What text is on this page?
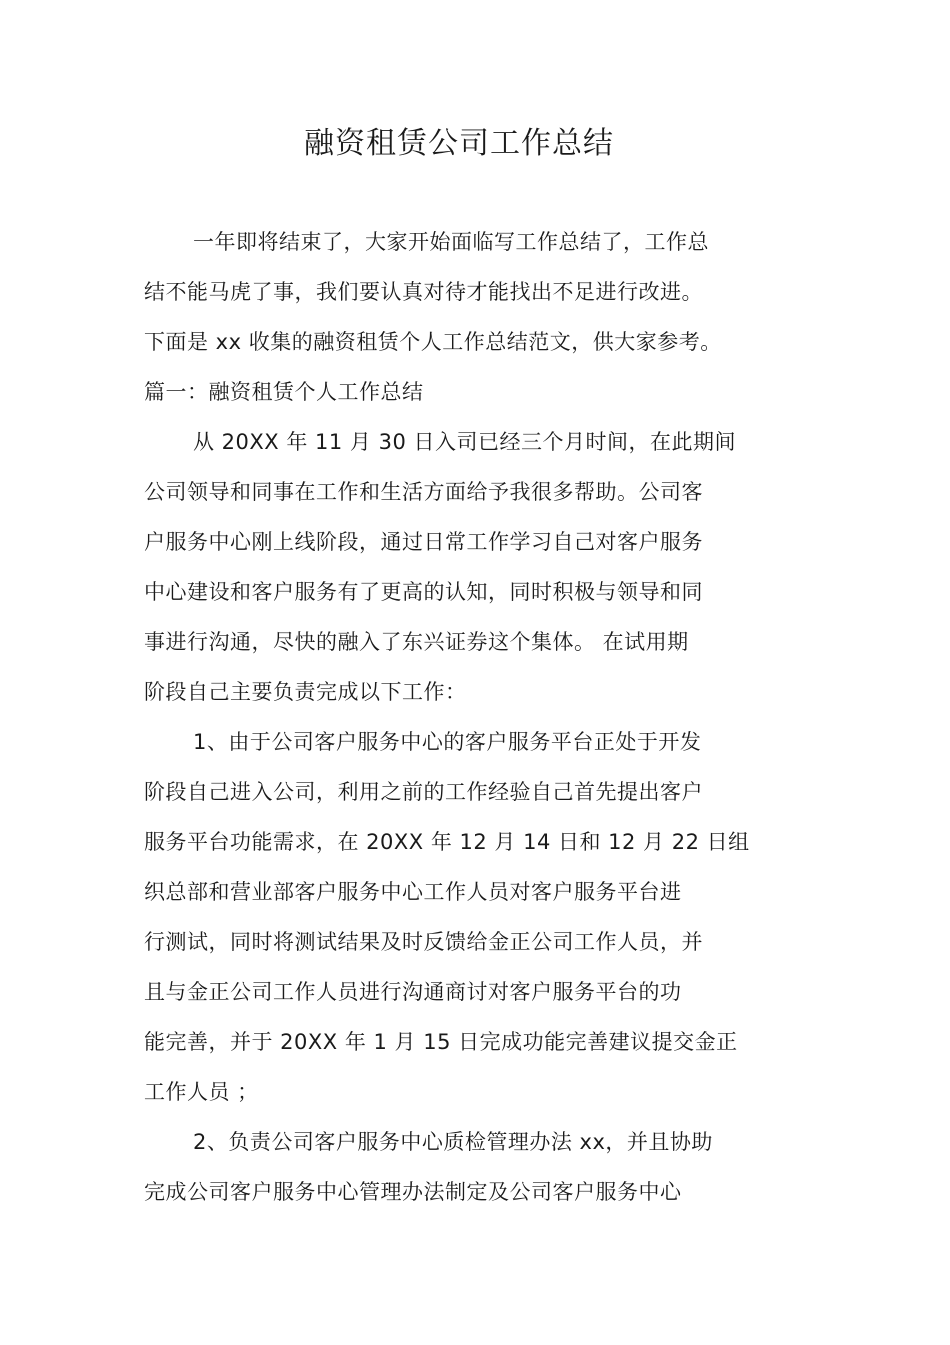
融资租赁公司工作总结
一年即将结束了，大家开始面临写工作总结了，工作总
结不能马虎了事，我们要认真对待才能找出不足进行改进。
下面是 xx 收集的融资租赁个人工作总结范文，供大家参考。
篇一：融资租赁个人工作总结
从 20XX 年 11 月 30 日入司已经三个月时间，在此期间
公司领导和同事在工作和生活方面给予我很多帮助。公司客
户服务中心刚上线阶段，通过日常工作学习自己对客户服务
中心建设和客户服务有了更高的认知，同时积极与领导和同
事进行沟通，尽快的融入了东兴证券这个集体。 在试用期
阶段自己主要负责完成以下工作：
1、由于公司客户服务中心的客户服务平台正处于开发
阶段自己进入公司，利用之前的工作经验自己首先提出客户
服务平台功能需求，在 20XX 年 12 月 14 日和 12 月 22 日组
织总部和营业部客户服务中心工作人员对客户服务平台进
行测试，同时将测试结果及时反馈给金正公司工作人员，并
且与金正公司工作人员进行沟通商讨对客户服务平台的功
能完善，并于 20XX 年 1 月 15 日完成功能完善建议提交金正
工作人员 ；
2、负责公司客户服务中心质检管理办法 xx，并且协助
完成公司客户服务中心管理办法制定及公司客户服务中心
